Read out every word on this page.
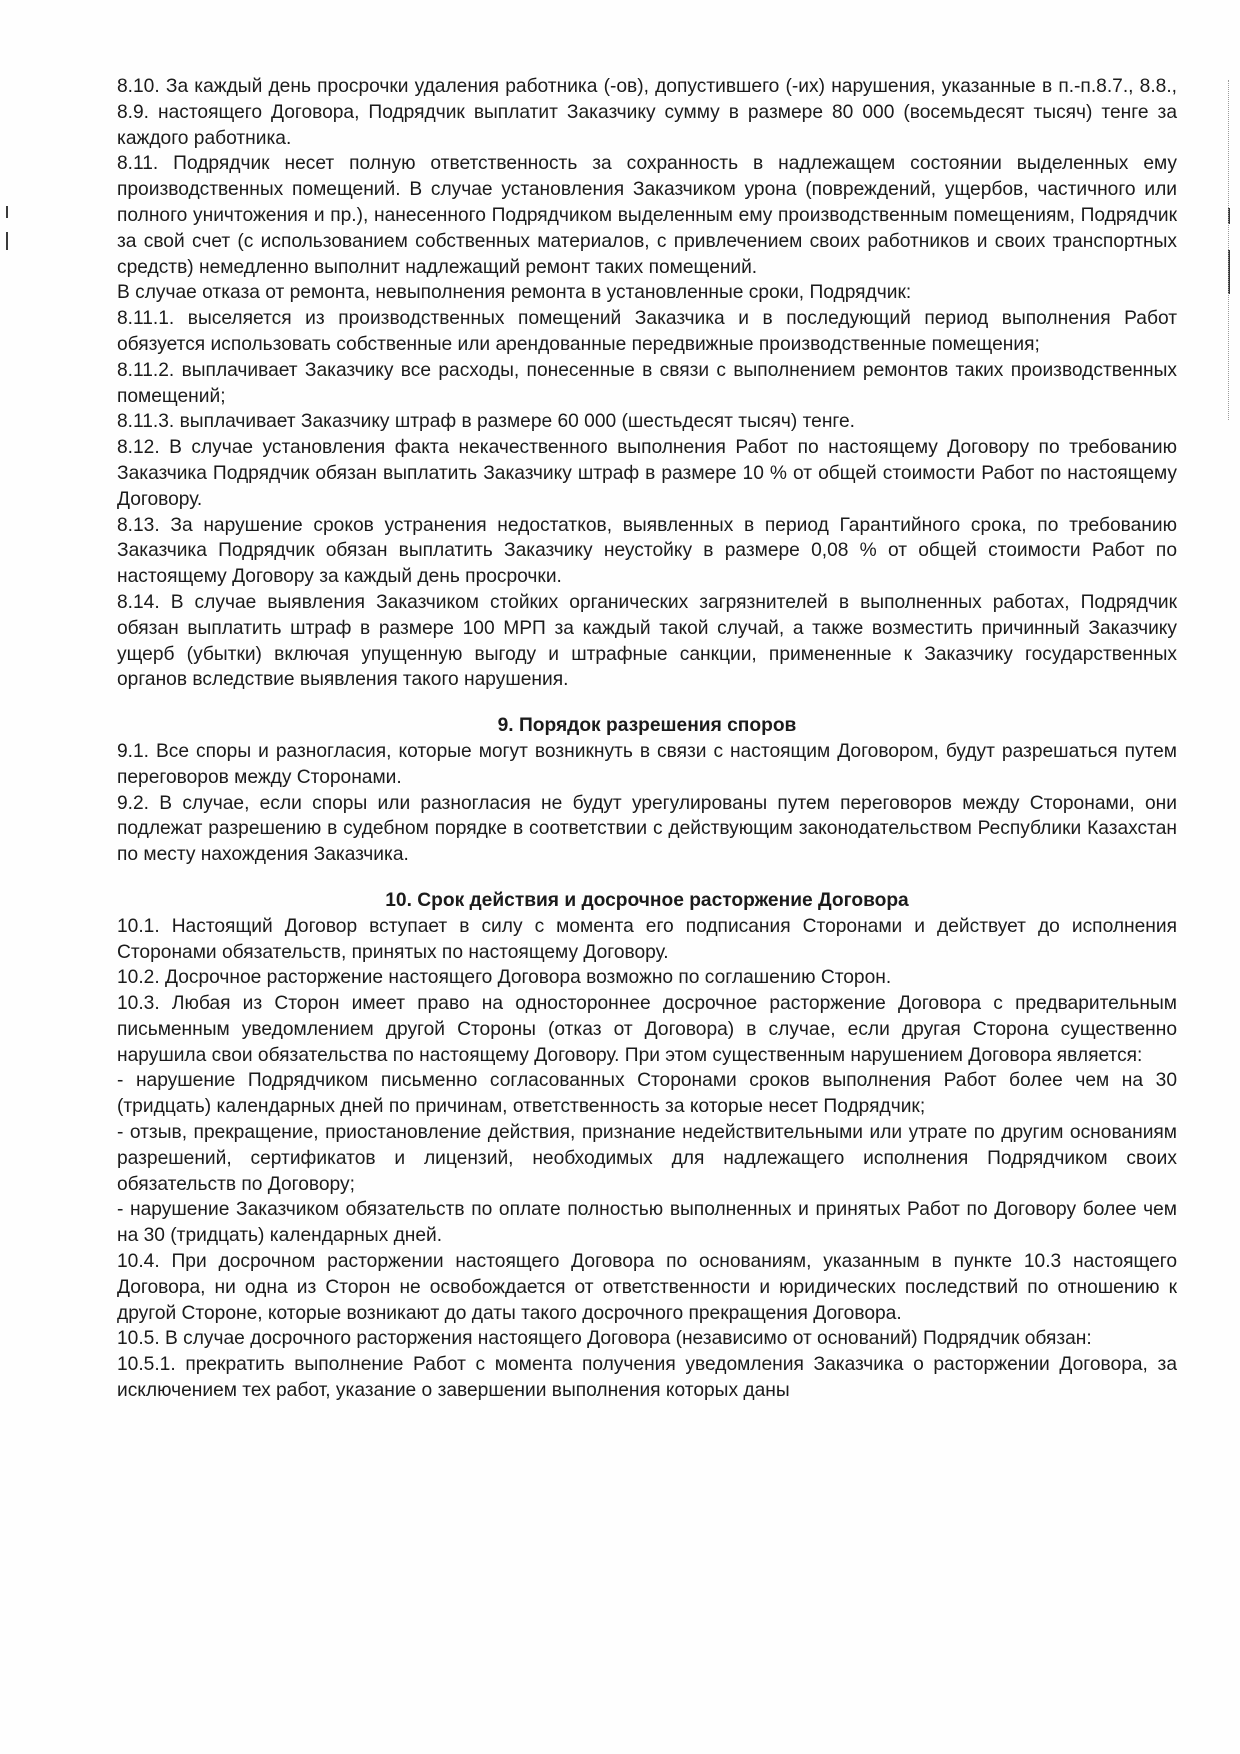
8.10. За каждый день просрочки удаления работника (-ов), допустившего (-их) нарушения, указанные в п.-п.8.7., 8.8., 8.9. настоящего Договора, Подрядчик выплатит Заказчику сумму в размере 80 000 (восемьдесят тысяч) тенге за каждого работника.

8.11. Подрядчик несет полную ответственность за сохранность в надлежащем состоянии выделенных ему производственных помещений. В случае установления Заказчиком урона (повреждений, ущербов, частичного или полного уничтожения и пр.), нанесенного Подрядчиком выделенным ему производственным помещениям, Подрядчик за свой счет (с использованием собственных материалов, с привлечением своих работников и своих транспортных средств) немедленно выполнит надлежащий ремонт таких помещений.

В случае отказа от ремонта, невыполнения ремонта в установленные сроки, Подрядчик:

8.11.1. выселяется из производственных помещений Заказчика и в последующий период выполнения Работ обязуется использовать собственные или арендованные передвижные производственные помещения;

8.11.2. выплачивает Заказчику все расходы, понесенные в связи с выполнением ремонтов таких производственных помещений;

8.11.3. выплачивает Заказчику штраф в размере 60 000 (шестьдесят тысяч) тенге.

8.12. В случае установления факта некачественного выполнения Работ по настоящему Договору по требованию Заказчика Подрядчик обязан выплатить Заказчику штраф в размере 10 % от общей стоимости Работ по настоящему Договору.

8.13. За нарушение сроков устранения недостатков, выявленных в период Гарантийного срока, по требованию Заказчика Подрядчик обязан выплатить Заказчику неустойку в размере 0,08 % от общей стоимости Работ по настоящему Договору за каждый день просрочки.

8.14. В случае выявления Заказчиком стойких органических загрязнителей в выполненных работах, Подрядчик обязан выплатить штраф в размере 100 МРП за каждый такой случай, а также возместить причинный Заказчику ущерб (убытки) включая упущенную выгоду и штрафные санкции, примененные к Заказчику государственных органов вследствие выявления такого нарушения.

9. Порядок разрешения споров

9.1. Все споры и разногласия, которые могут возникнуть в связи с настоящим Договором, будут разрешаться путем переговоров между Сторонами.

9.2. В случае, если споры или разногласия не будут урегулированы путем переговоров между Сторонами, они подлежат разрешению в судебном порядке в соответствии с действующим законодательством Республики Казахстан по месту нахождения Заказчика.

10. Срок действия и досрочное расторжение Договора

10.1. Настоящий Договор вступает в силу с момента его подписания Сторонами и действует до исполнения Сторонами обязательств, принятых по настоящему Договору.

10.2. Досрочное расторжение настоящего Договора возможно по соглашению Сторон.

10.3. Любая из Сторон имеет право на одностороннее досрочное расторжение Договора с предварительным письменным уведомлением другой Стороны (отказ от Договора) в случае, если другая Сторона существенно нарушила свои обязательства по настоящему Договору. При этом существенным нарушением Договора является:

- нарушение Подрядчиком письменно согласованных Сторонами сроков выполнения Работ более чем на 30 (тридцать) календарных дней по причинам, ответственность за которые несет Подрядчик;

- отзыв, прекращение, приостановление действия, признание недействительными или утрате по другим основаниям разрешений, сертификатов и лицензий, необходимых для надлежащего исполнения Подрядчиком своих обязательств по Договору;

- нарушение Заказчиком обязательств по оплате полностью выполненных и принятых Работ по Договору более чем на 30 (тридцать) календарных дней.

10.4. При досрочном расторжении настоящего Договора по основаниям, указанным в пункте 10.3 настоящего Договора, ни одна из Сторон не освобождается от ответственности и юридических последствий по отношению к другой Стороне, которые возникают до даты такого досрочного прекращения Договора.

10.5. В случае досрочного расторжения настоящего Договора (независимо от оснований) Подрядчик обязан:

10.5.1. прекратить выполнение Работ с момента получения уведомления Заказчика о расторжении Договора, за исключением тех работ, указание о завершении выполнения которых даны
